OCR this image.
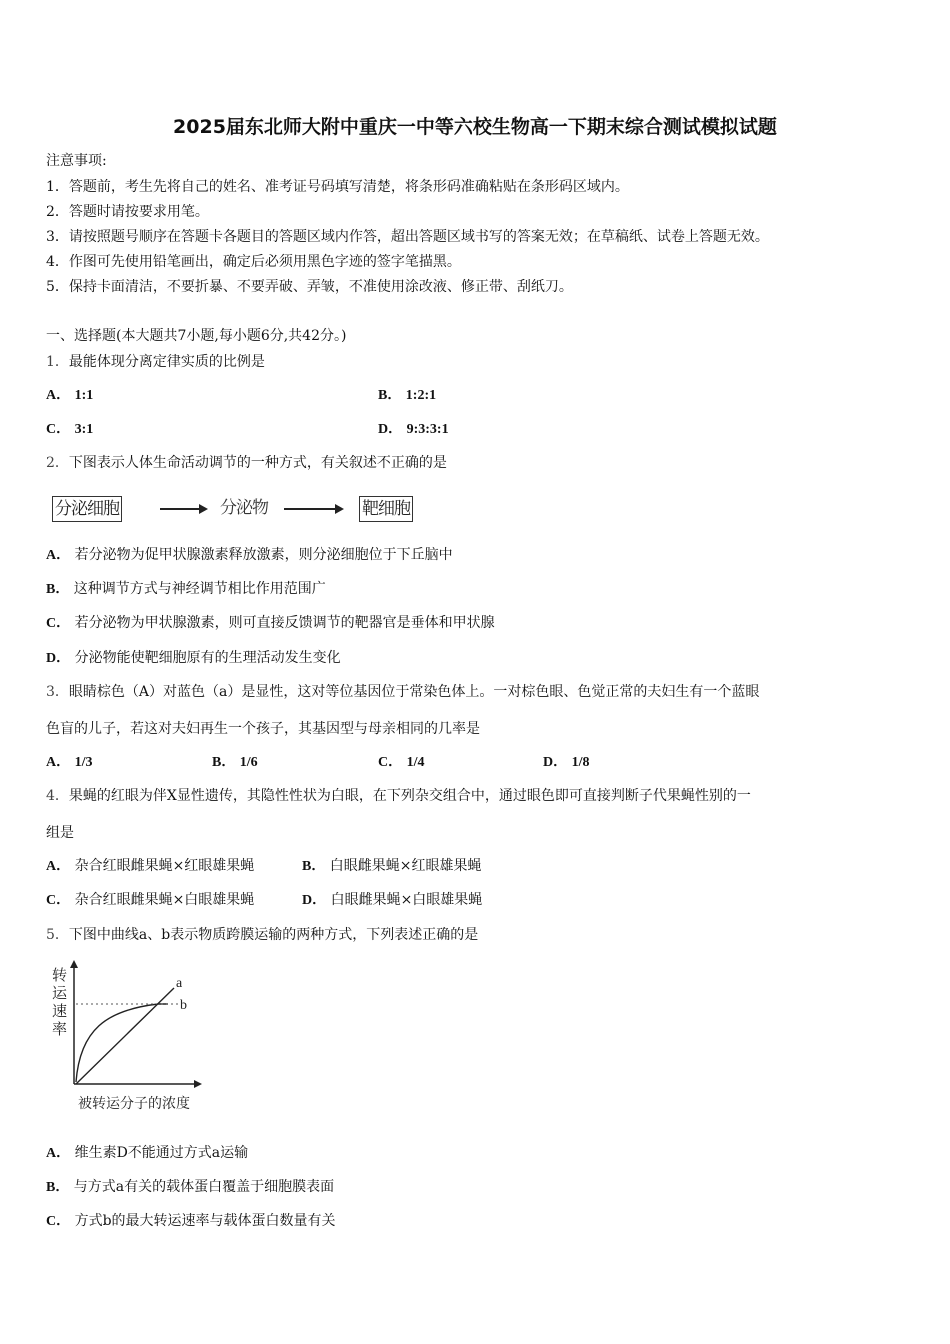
2025届东北师大附中重庆一中等六校生物高一下期末综合测试模拟试题
注意事项:
1．答题前，考生先将自己的姓名、准考证号码填写清楚，将条形码准确粘贴在条形码区域内。
2．答题时请按要求用笔。
3．请按照题号顺序在答题卡各题目的答题区域内作答，超出答题区域书写的答案无效；在草稿纸、试卷上答题无效。
4．作图可先使用铅笔画出，确定后必须用黑色字迹的签字笔描黑。
5．保持卡面清洁，不要折暴、不要弄破、弄皱，不准使用涂改液、修正带、刮纸刀。
一、选择题(本大题共7小题,每小题6分,共42分。)
1．最能体现分离定律实质的比例是
A． 1:1	B． 1:2:1
C． 3:1	D． 9:3:3:1
2．下图表示人体生命活动调节的一种方式，有关叙述不正确的是
分泌细胞	分泌物	靶细胞
A． 若分泌物为促甲状腺激素释放激素，则分泌细胞位于下丘脑中
B． 这种调节方式与神经调节相比作用范围广
C． 若分泌物为甲状腺激素，则可直接反馈调节的靶器官是垂体和甲状腺
D． 分泌物能使靶细胞原有的生理活动发生变化
3．眼睛棕色（A）对蓝色（a）是显性，这对等位基因位于常染色体上。一对棕色眼、色觉正常的夫妇生有一个蓝眼
色盲的儿子，若这对夫妇再生一个孩子，其基因型与母亲相同的几率是
A． 1/3	B． 1/6	C． 1/4	D． 1/8
4．果蝇的红眼为伴X显性遗传，其隐性性状为白眼，在下列杂交组合中，通过眼色即可直接判断子代果蝇性别的一
组是
A． 杂合红眼雌果蝇×红眼雄果蝇	B． 白眼雌果蝇×红眼雄果蝇
C． 杂合红眼雌果蝇×白眼雄果蝇	D． 白眼雌果蝇×白眼雄果蝇
5．下图中曲线a、b表示物质跨膜运输的两种方式，下列表述正确的是
转
运
速
率
a
b
被转运分子的浓度
A． 维生素D不能通过方式a运输
B． 与方式a有关的载体蛋白覆盖于细胞膜表面
C． 方式b的最大转运速率与载体蛋白数量有关
